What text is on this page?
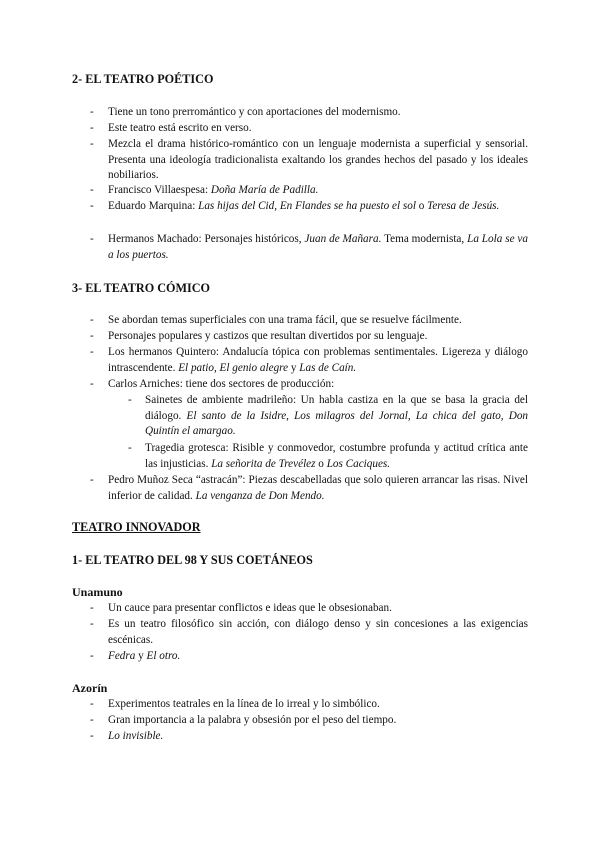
2- EL TEATRO POÉTICO

- Tiene un tono prerromántico y con aportaciones del modernismo.

- Este teatro está escrito en verso.

- Mezcla el drama histórico-romántico con un lenguaje modernista a superficial y sensorial. Presenta una ideología tradicionalista exaltando los grandes hechos del pasado y los ideales nobiliarios.

- Francisco Villaespesa: Doña María de Padilla.

- Eduardo Marquina: Las hijas del Cid, En Flandes se ha puesto el sol o Teresa de Jesús.

- Hermanos Machado: Personajes históricos, Juan de Mañara. Tema modernista, La Lola se va a los puertos.

3- EL TEATRO CÓMICO

- Se abordan temas superficiales con una trama fácil, que se resuelve fácilmente.

- Personajes populares y castizos que resultan divertidos por su lenguaje.

- Los hermanos Quintero: Andalucía tópica con problemas sentimentales. Ligereza y diálogo intrascendente. El patio, El genio alegre y Las de Caín.

- Carlos Arniches: tiene dos sectores de producción:

- Sainetes de ambiente madrileño: Un habla castiza en la que se basa la gracia del diálogo. El santo de la Isidre, Los milagros del Jornal, La chica del gato, Don Quintín el amargao.

- Tragedia grotesca: Risible y conmovedor, costumbre profunda y actitud crítica ante las injusticias. La señorita de Trevélez o Los Caciques.

- Pedro Muñoz Seca “astracán”: Piezas descabelladas que solo quieren arrancar las risas. Nivel inferior de calidad. La venganza de Don Mendo.

TEATRO INNOVADOR

1- EL TEATRO DEL 98 Y SUS COETÁNEOS

Unamuno

- Un cauce para presentar conflictos e ideas que le obsesionaban.

- Es un teatro filosófico sin acción, con diálogo denso y sin concesiones a las exigencias escénicas.

- Fedra y El otro.

Azorín

- Experimentos teatrales en la línea de lo irreal y lo simbólico.

- Gran importancia a la palabra y obsesión por el peso del tiempo.

- Lo invisible.
